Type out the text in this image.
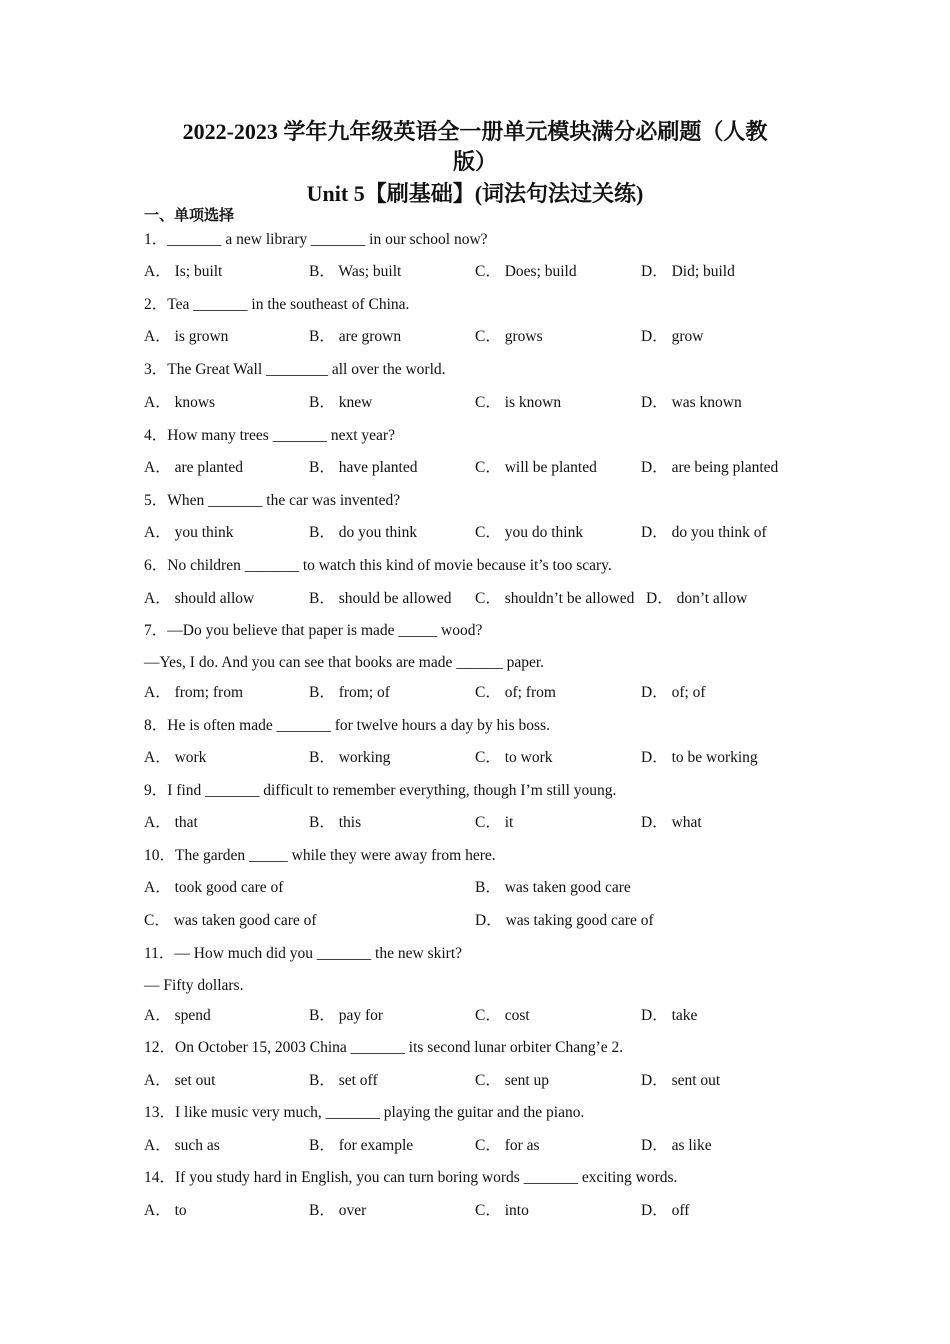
2022-2023 学年九年级英语全一册单元模块满分必刷题（人教
版）
Unit 5【刷基础】(词法句法过关练)
一、单项选择
1．_______ a new library _______ in our school now?
A． Is; built	B． Was; built	C． Does; build	D． Did; build
2．Tea _______ in the southeast of China.
A． is grown	B． are grown	C． grows	D． grow
3．The Great Wall ________ all over the world.
A． knows	B． knew	C． is known	D． was known
4．How many trees _______ next year?
A． are planted	B． have planted	C． will be planted	D． are being planted
5．When _______ the car was invented?
A． you think	B． do you think	C． you do think	D． do you think of
6．No children _______ to watch this kind of movie because it’s too scary.
A． should allow	B． should be allowed C． shouldn’t be allowed D． don’t allow
7．—Do you believe that paper is made _____ wood?
—Yes, I do. And you can see that books are made ______ paper.
A． from; from	B． from; of	C． of; from	D． of; of
8．He is often made _______ for twelve hours a day by his boss.
A． work	B． working	C． to work	D． to be working
9．I find _______ difficult to remember everything, though I’m still young.
A． that	B． this	C． it	D． what
10．The garden _____ while they were away from here.
A． took good care of	B． was taken good care
C． was taken good care of	D． was taking good care of
11．— How much did you _______ the new skirt?
— Fifty dollars.
A． spend	B． pay for	C． cost	D． take
12．On October 15, 2003 China _______ its second lunar orbiter Chang’e 2.
A． set out	B． set off	C． sent up	D． sent out
13．I like music very much, _______ playing the guitar and the piano.
A． such as	B． for example	C． for as	D． as like
14．If you study hard in English, you can turn boring words _______ exciting words.
A． to	B． over	C． into	D． off
